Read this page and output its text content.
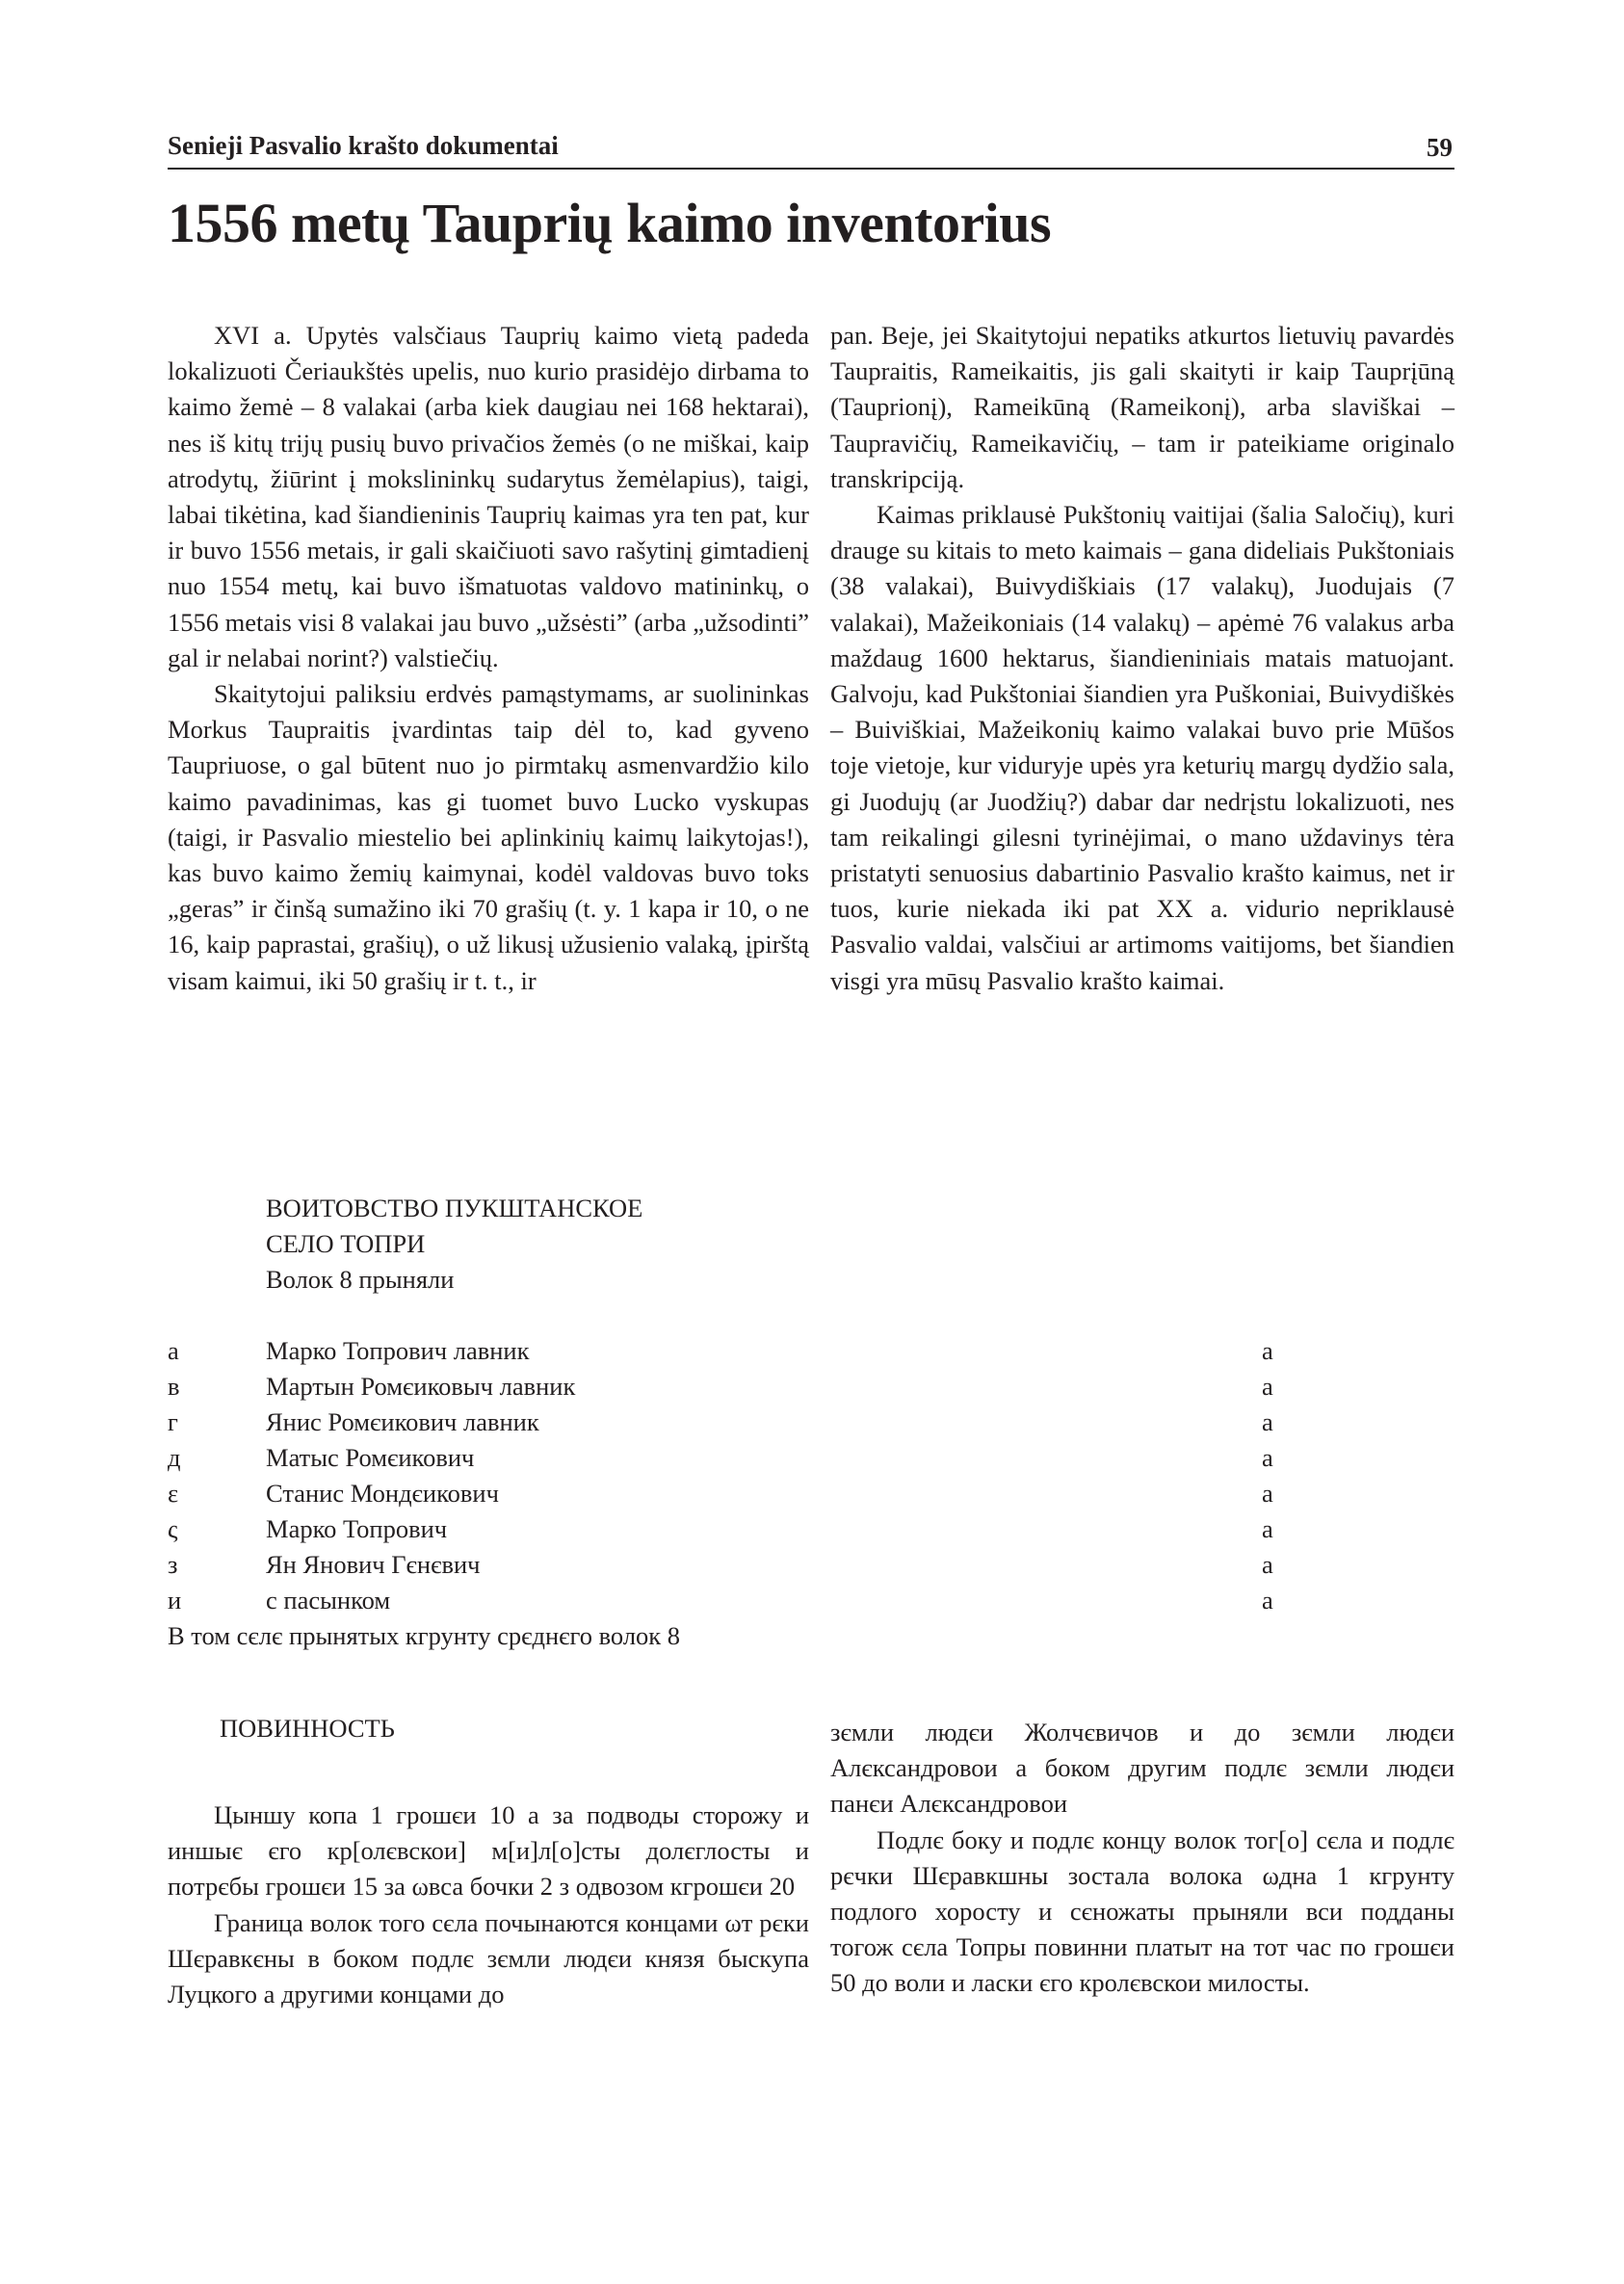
Senieji Pasvalio krašto dokumentai	59
1556 metų Tauprių kaimo inventorius

XVI a. Upytės valsčiaus Tauprių kaimo vietą padeda lokalizuoti Čeriaukštės upelis, nuo kurio prasidėjo dirbama to kaimo žemė – 8 valakai (arba kiek daugiau nei 168 hektarai), nes iš kitų trijų pusių buvo privačios žemės (o ne miškai, kaip atrodytų, žiūrint į mokslininkų sudarytus žemėlapius), taigi, labai tikėtina, kad šiandieninis Tauprių kaimas yra ten pat, kur ir buvo 1556 metais, ir gali skaičiuoti savo rašytinį gimtadienį nuo 1554 metų, kai buvo išmatuotas valdovo matininkų, o 1556 metais visi 8 valakai jau buvo „užsėsti” (arba „užsodinti” gal ir nelabai norint?) valstiečių.

Skaitytojui paliksiu erdvės pamąstymams, ar suolininkas Morkus Taupraitis įvardintas taip dėl to, kad gyveno Taupriuose, o gal būtent nuo jo pirmtakų asmenvardžio kilo kaimo pavadinimas, kas gi tuomet buvo Lucko vyskupas (taigi, ir Pasvalio miestelio bei aplinkinių kaimų laikytojas!), kas buvo kaimo žemių kaimynai, kodėl valdovas buvo toks „geras” ir činšą sumažino iki 70 grašių (t. y. 1 kapa ir 10, o ne 16, kaip paprastai, grašių), o už likusį užusienio valaką, įpirštą visam kaimui, iki 50 grašių ir t. t., ir

pan. Beje, jei Skaitytojui nepatiks atkurtos lietuvių pavardės Taupraitis, Rameikaitis, jis gali skaityti ir kaip Tauprįūną (Tauprionį), Rameikūną (Rameikonį), arba slaviškai – Taupravičių, Rameikavičių, – tam ir pateikiame originalo transkripciją.

Kaimas priklausė Pukštonių vaitijai (šalia Saločių), kuri drauge su kitais to meto kaimais – gana dideliais Pukštoniais (38 valakai), Buivydiškiais (17 valakų), Juodujais (7 valakai), Mažeikoniais (14 valakų) – apėmė 76 valakus arba maždaug 1600 hektarus, šiandieniniais matais matuojant. Galvoju, kad Pukštoniai šiandien yra Puškoniai, Buivydiškės – Buiviškiai, Mažeikonių kaimo valakai buvo prie Mūšos toje vietoje, kur viduryje upės yra keturių margų dydžio sala, gi Juodujų (ar Juodžių?) dabar dar nedrįstu lokalizuoti, nes tam reikalingi gilesni tyrinėjimai, o mano uždavinys tėra pristatyti senuosius dabartinio Pasvalio krašto kaimus, net ir tuos, kurie niekada iki pat XX a. vidurio nepriklausė Pasvalio valdai, valsčiui ar artimoms vaitijoms, bet šiandien visgi yra mūsų Pasvalio krašto kaimai.

ВОИТОВСТВО ПУКШТАНСКОЕ
СЕЛО ТОПРИ
Волок 8 прыняли
а	Марко Топрович лавник	а
в	Мартын Ромєиковыч лавник	а
г	Янис Ромєикович лавник	а
д	Матыс Ромєикович	а
ε	Станис Мондєикович	а
ς	Марко Топрович	а
з	Ян Янович Гєнєвич	а
и	с пасынком	а
В том сєлє прынятых кгрунту срєднєго волок 8
ПОВИННОСТЬ

Цыншу копа 1 грошєи 10 а за подводы сторожу и иншыє єго кр[олєвскои] м[и]л[о]сты долєглосты и потрєбы грошєи 15 за ωвса бочки 2 з одвозом кгрошєи 20

Граница волок того сєла почынаются концами ωт рєки Шєравкєны в боком подлє зємли людєи князя быскупа Луцкого а другими концами до

зємли людєи Жолчєвичов и до зємли людєи Алєксандровои а боком другим подлє зємли людєи панєи Алєксандровои

Подлє боку и подлє концу волок тог[о] сєла и подлє рєчки Шєравкшны зостала волока ωдна 1 кгрунту подлого хоросту и сєножаты прыняли вси подданы тогож сєла Топры повинни платыт на тот час по грошєи 50 до воли и ласки єго кролєвскои милосты.
